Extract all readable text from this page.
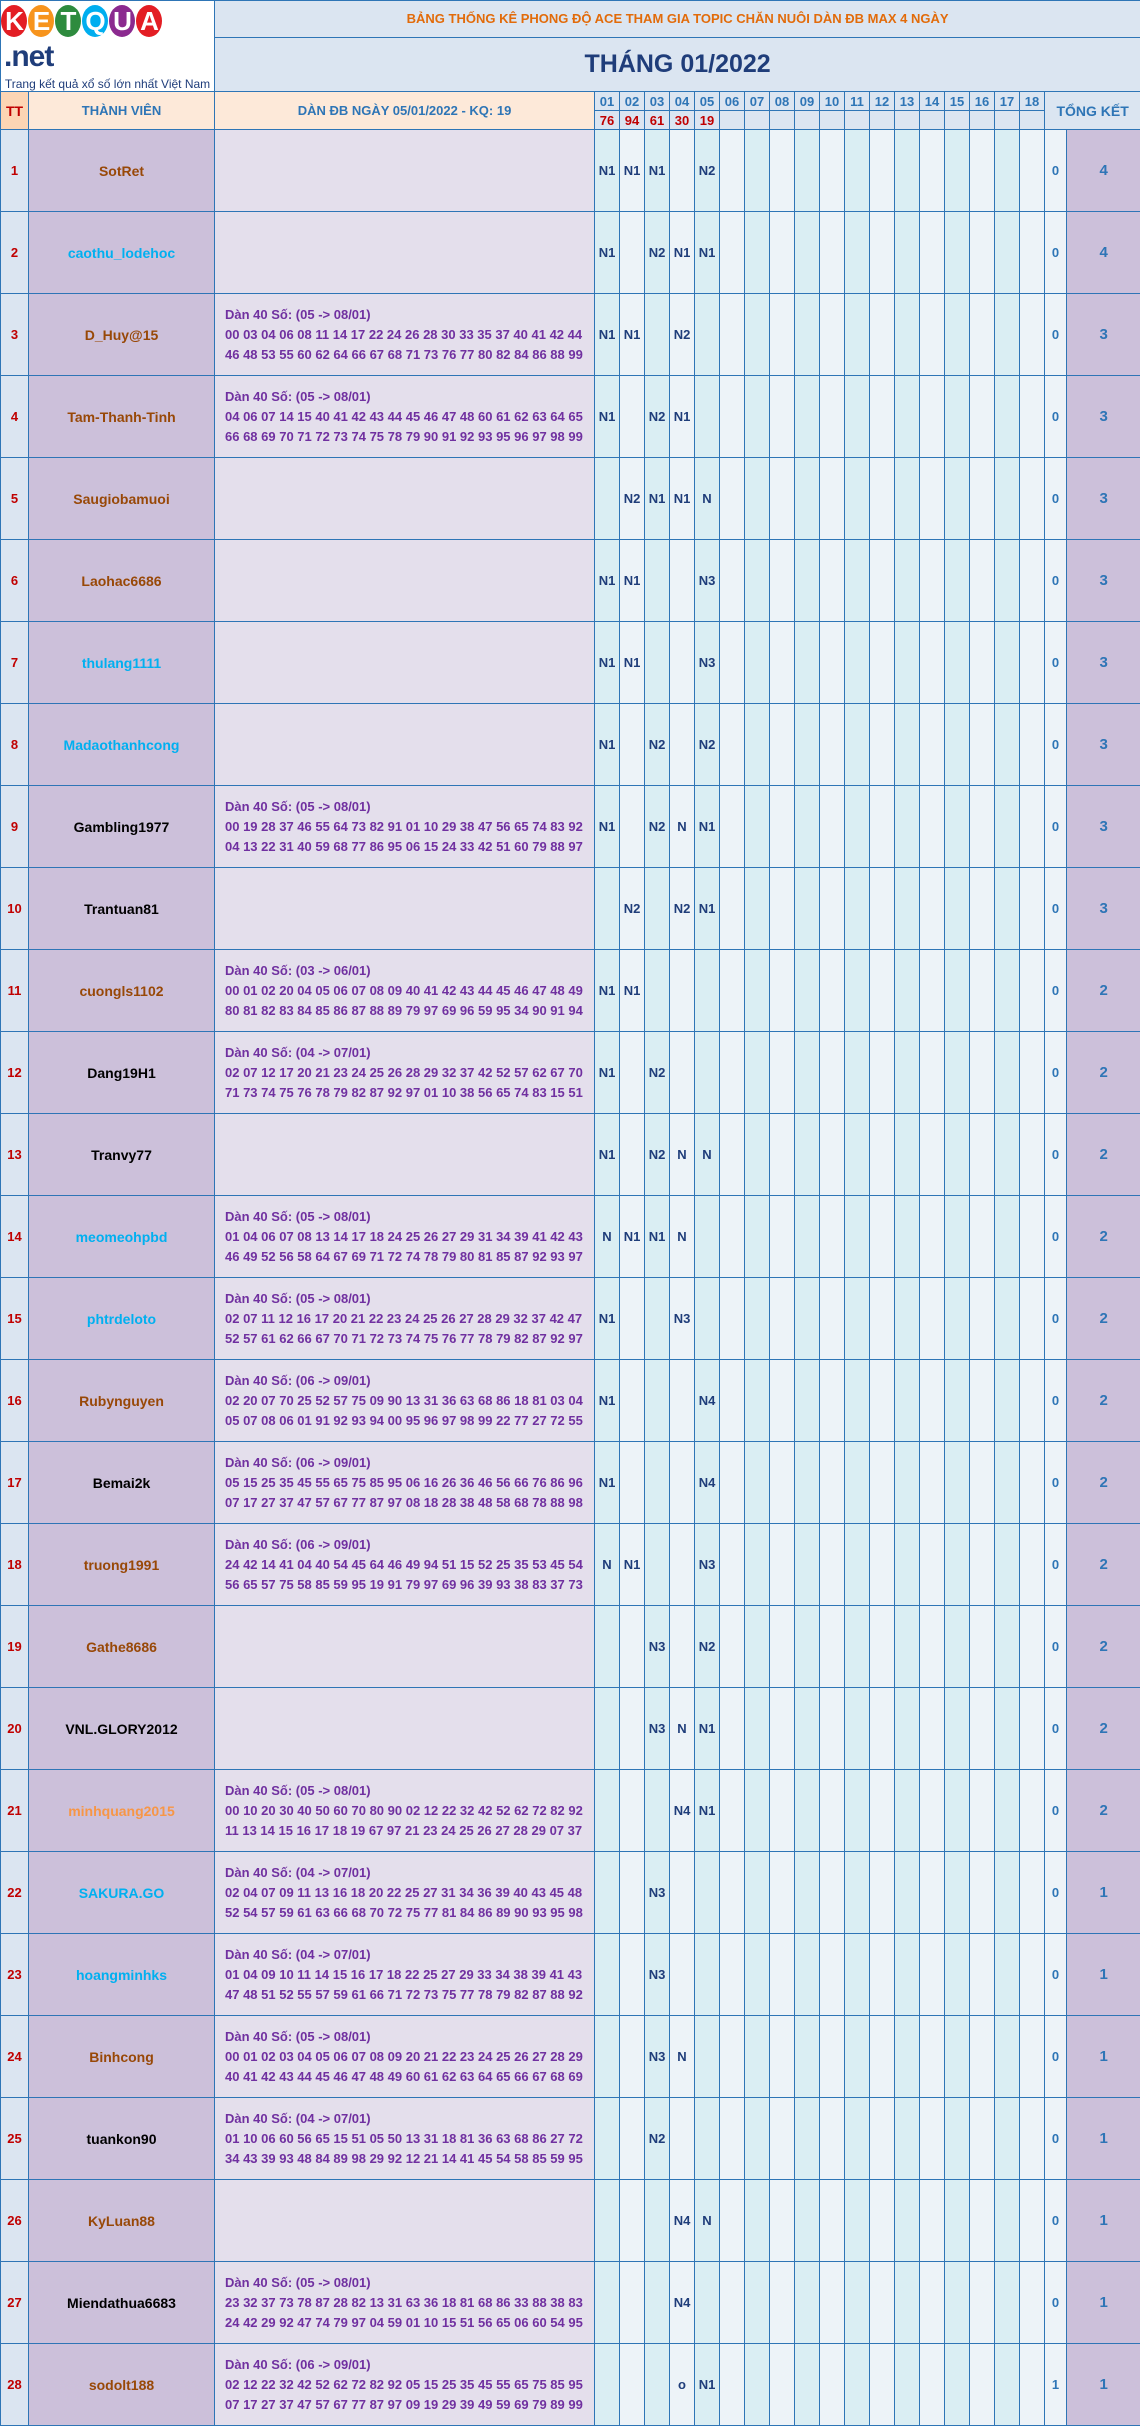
K E T Q U A.net
Trang kết quả xổ số lớn nhất Việt Nam		BẢNG THỐNG KÊ PHONG ĐỘ ACE THAM GIA TOPIC CHĂN NUÔI DÀN ĐB MAX 4 NGÀY																				
		THÁNG 01/2022																				
TT	THÀNH VIÊN	DÀN ĐB NGÀY 05/01/2022 - KQ: 19	01	02	03	04	05	06	07	08	09	10	11	12	13	14	15	16	17	18	TỔNG KẾT	
			76	94	61	30	19															
1	SotRet		N1	N1	N1		N2														0	4
2	caothu_lodehoc		N1		N2	N1	N1														0	4
3	D_Huy@15	Dàn 40 Số: (05 -> 08/01)
00 03 04 06 08 11 14 17 22 24 26 28 30 33 35 37 40 41 42 44 46 48 53 55 60 62 64 66 67 68 71 73 76 77 80 82 84 86 88 99	N1	N1		N2															0	3
4	Tam-Thanh-Tinh	Dàn 40 Số: (05 -> 08/01)
04 06 07 14 15 40 41 42 43 44 45 46 47 48 60 61 62 63 64 65 66 68 69 70 71 72 73 74 75 78 79 90 91 92 93 95 96 97 98 99	N1		N2	N1															0	3
5	Saugiobamuoi			N2	N1	N1	N														0	3
6	Laohac6686		N1	N1			N3														0	3
7	thulang1111		N1	N1			N3														0	3
8	Madaothanhcong		N1		N2		N2														0	3
9	Gambling1977	Dàn 40 Số: (05 -> 08/01)
00 19 28 37 46 55 64 73 82 91 01 10 29 38 47 56 65 74 83 92 04 13 22 31 40 59 68 77 86 95 06 15 24 33 42 51 60 79 88 97	N1		N2	N	N1														0	3
10	Trantuan81			N2		N2	N1														0	3
11	cuongls1102	Dàn 40 Số: (03 -> 06/01)
00 01 02 20 04 05 06 07 08 09 40 41 42 43 44 45 46 47 48 49 80 81 82 83 84 85 86 87 88 89 79 97 69 96 59 95 34 90 91 94	N1	N1																	0	2
12	Dang19H1	Dàn 40 Số: (04 -> 07/01)
02 07 12 17 20 21 23 24 25 26 28 29 32 37 42 52 57 62 67 70 71 73 74 75 76 78 79 82 87 92 97 01 10 38 56 65 74 83 15 51	N1		N2																0	2
13	Tranvy77		N1		N2	N	N														0	2
14	meomeohpbd	Dàn 40 Số: (05 -> 08/01)
01 04 06 07 08 13 14 17 18 24 25 26 27 29 31 34 39 41 42 43 46 49 52 56 58 64 67 69 71 72 74 78 79 80 81 85 87 92 93 97	N	N1	N1	N															0	2
15	phtrdeloto	Dàn 40 Số: (05 -> 08/01)
02 07 11 12 16 17 20 21 22 23 24 25 26 27 28 29 32 37 42 47 52 57 61 62 66 67 70 71 72 73 74 75 76 77 78 79 82 87 92 97	N1			N3															0	2
16	Rubynguyen	Dàn 40 Số: (06 -> 09/01)
02 20 07 70 25 52 57 75 09 90 13 31 36 63 68 86 18 81 03 04 05 07 08 06 01 91 92 93 94 00 95 96 97 98 99 22 77 27 72 55	N1				N4														0	2
17	Bemai2k	Dàn 40 Số: (06 -> 09/01)
05 15 25 35 45 55 65 75 85 95 06 16 26 36 46 56 66 76 86 96 07 17 27 37 47 57 67 77 87 97 08 18 28 38 48 58 68 78 88 98	N1				N4														0	2
18	truong1991	Dàn 40 Số: (06 -> 09/01)
24 42 14 41 04 40 54 45 64 46 49 94 51 15 52 25 35 53 45 54 56 65 57 75 58 85 59 95 19 91 79 97 69 96 39 93 38 83 37 73	N	N1			N3														0	2
19	Gathe8686				N3		N2														0	2
20	VNL.GLORY2012				N3	N	N1														0	2
21	minhquang2015	Dàn 40 Số: (05 -> 08/01)
00 10 20 30 40 50 60 70 80 90 02 12 22 32 42 52 62 72 82 92 11 13 14 15 16 17 18 19 67 97 21 23 24 25 26 27 28 29 07 37				N4	N1														0	2
22	SAKURA.GO	Dàn 40 Số: (04 -> 07/01)
02 04 07 09 11 13 16 18 20 22 25 27 31 34 36 39 40 43 45 48 52 54 57 59 61 63 66 68 70 72 75 77 81 84 86 89 90 93 95 98			N3																0	1
23	hoangminhks	Dàn 40 Số: (04 -> 07/01)
01 04 09 10 11 14 15 16 17 18 22 25 27 29 33 34 38 39 41 43 47 48 51 52 55 57 59 61 66 71 72 73 75 77 78 79 82 87 88 92			N3																0	1
24	Binhcong	Dàn 40 Số: (05 -> 08/01)
00 01 02 03 04 05 06 07 08 09 20 21 22 23 24 25 26 27 28 29 40 41 42 43 44 45 46 47 48 49 60 61 62 63 64 65 66 67 68 69			N3	N															0	1
25	tuankon90	Dàn 40 Số: (04 -> 07/01)
01 10 06 60 56 65 15 51 05 50 13 31 18 81 36 63 68 86 27 72 34 43 39 93 48 84 89 98 29 92 12 21 14 41 45 54 58 85 59 95			N2																0	1
26	KyLuan88					N4	N														0	1
27	Miendathua6683	Dàn 40 Số: (05 -> 08/01)
23 32 37 73 78 87 28 82 13 31 63 36 18 81 68 86 33 88 38 83 24 42 29 92 47 74 79 97 04 59 01 10 15 51 56 65 06 60 54 95				N4															0	1
28	sodolt188	Dàn 40 Số: (06 -> 09/01)
02 12 22 32 42 52 62 72 82 92 05 15 25 35 45 55 65 75 85 95 07 17 27 37 47 57 67 77 87 97 09 19 29 39 49 59 69 79 89 99				o	N1														1	1
